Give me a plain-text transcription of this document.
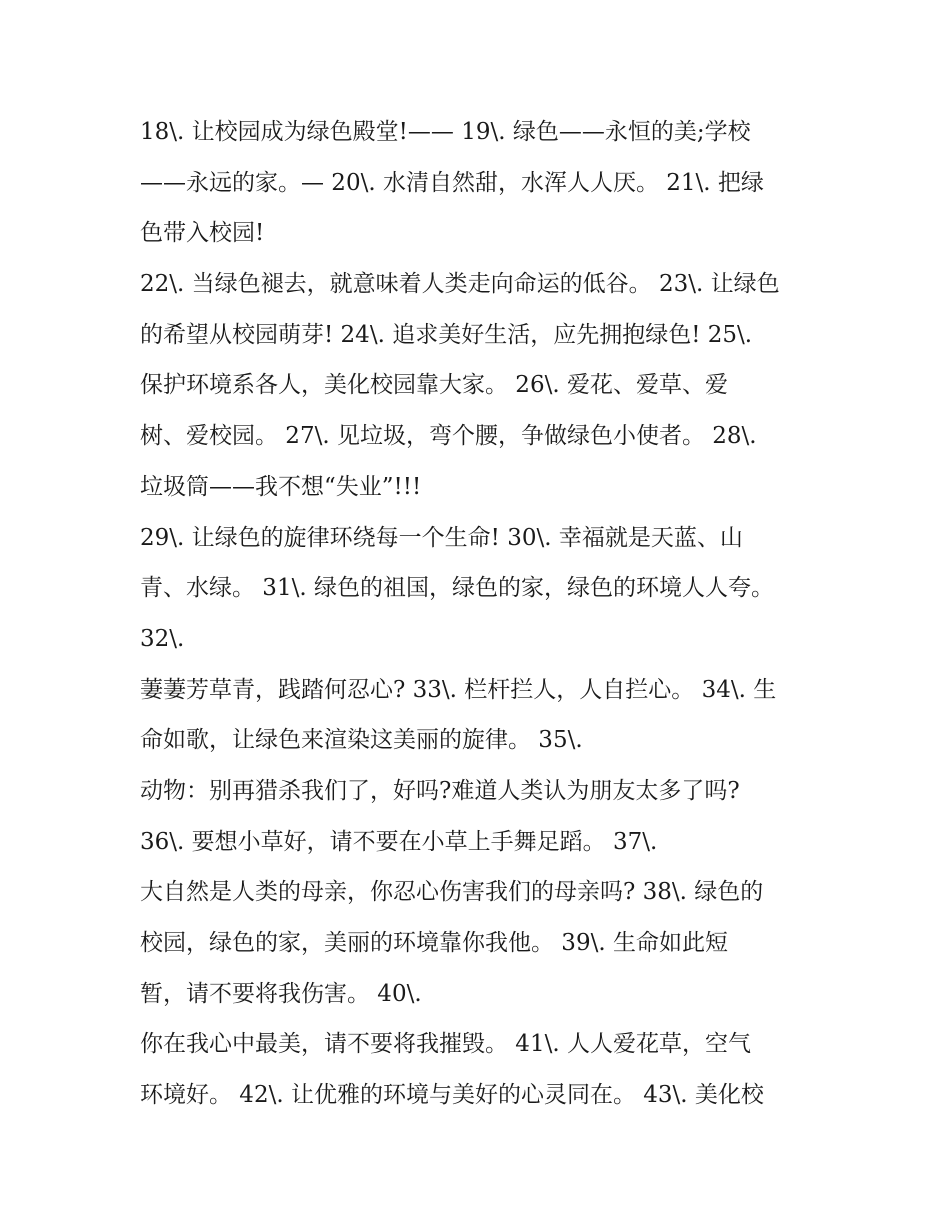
18\. 让校园成为绿色殿堂!—— 19\. 绿色——永恒的美;学校
——永远的家。— 20\. 水清自然甜，水浑人人厌。 21\. 把绿
色带入校园!
22\. 当绿色褪去，就意味着人类走向命运的低谷。 23\. 让绿色
的希望从校园萌芽! 24\. 追求美好生活，应先拥抱绿色! 25\.
保护环境系各人，美化校园靠大家。 26\. 爱花、爱草、爱
树、爱校园。 27\. 见垃圾，弯个腰，争做绿色小使者。 28\.
垃圾筒——我不想“失业”!!!
29\. 让绿色的旋律环绕每一个生命! 30\. 幸福就是天蓝、山
青、水绿。 31\. 绿色的祖国，绿色的家，绿色的环境人人夸。
32\.
萋萋芳草青，践踏何忍心? 33\. 栏杆拦人，人自拦心。 34\. 生
命如歌，让绿色来渲染这美丽的旋律。 35\.
动物：别再猎杀我们了，好吗?难道人类认为朋友太多了吗?
36\. 要想小草好，请不要在小草上手舞足蹈。 37\.
大自然是人类的母亲，你忍心伤害我们的母亲吗? 38\. 绿色的
校园，绿色的家，美丽的环境靠你我他。 39\. 生命如此短
暂，请不要将我伤害。 40\.
你在我心中最美，请不要将我摧毁。 41\. 人人爱花草，空气
环境好。 42\. 让优雅的环境与美好的心灵同在。 43\. 美化校
